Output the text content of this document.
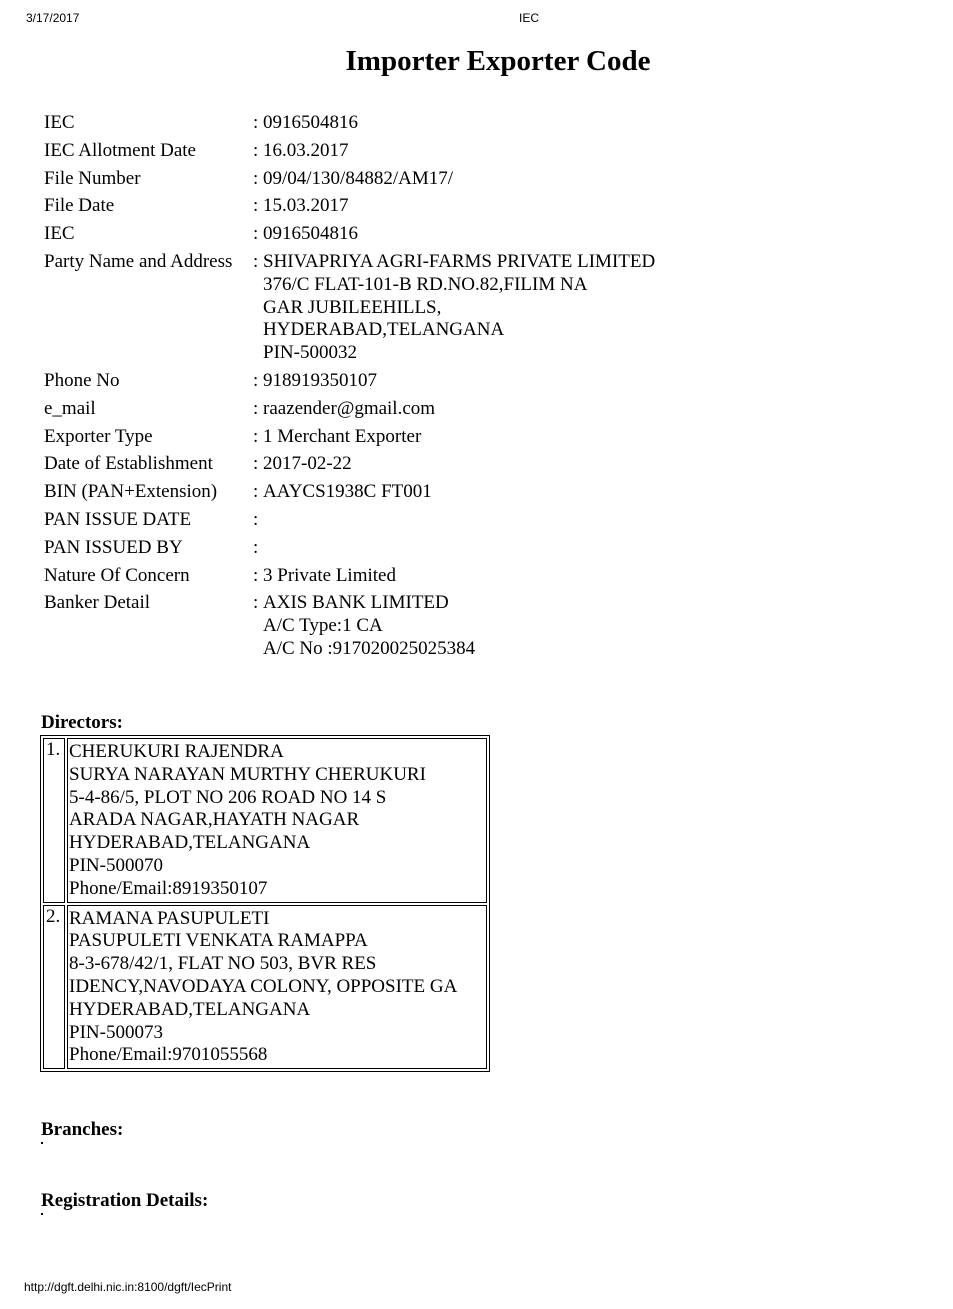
3/17/2017	IEC
Importer Exporter Code
IEC	: 0916504816
IEC Allotment Date	: 16.03.2017
File Number	: 09/04/130/84882/AM17/
File Date	: 15.03.2017
IEC	: 0916504816
Party Name and Address	: SHIVAPRIYA AGRI-FARMS PRIVATE LIMITED
376/C FLAT-101-B RD.NO.82,FILIM NA
GAR JUBILEEHILLS,
HYDERABAD,TELANGANA
PIN-500032
Phone No	: 918919350107
e_mail	: raazender@gmail.com
Exporter Type	: 1 Merchant Exporter
Date of Establishment	: 2017-02-22
BIN (PAN+Extension)	: AAYCS1938C FT001
PAN ISSUE DATE	:
PAN ISSUED BY	:
Nature Of Concern	: 3 Private Limited
Banker Detail	: AXIS BANK LIMITED
A/C Type:1 CA
A/C No :917020025025384
Directors:
1. CHERUKURI RAJENDRA
SURYA NARAYAN MURTHY CHERUKURI
5-4-86/5, PLOT NO 206 ROAD NO 14 S
ARADA NAGAR,HAYATH NAGAR
HYDERABAD,TELANGANA
PIN-500070
Phone/Email:8919350107
2. RAMANA PASUPULETI
PASUPULETI VENKATA RAMAPPA
8-3-678/42/1, FLAT NO 503, BVR RES
IDENCY,NAVODAYA COLONY, OPPOSITE GA
HYDERABAD,TELANGANA
PIN-500073
Phone/Email:9701055568
Branches:
Registration Details:
http://dgft.delhi.nic.in:8100/dgft/IecPrint
